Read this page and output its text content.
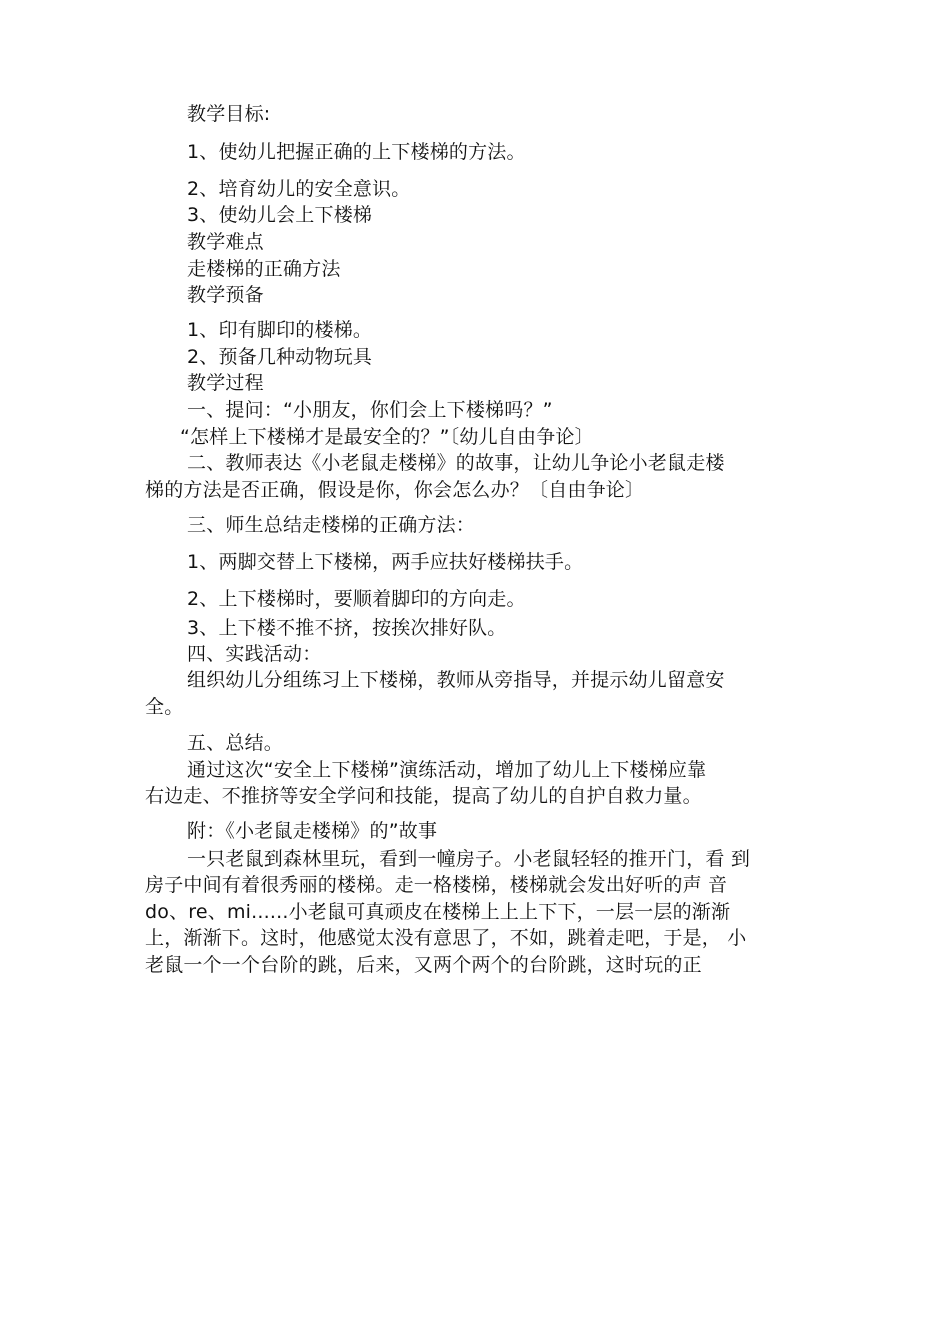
教学目标:
1、使幼儿把握正确的上下楼梯的方法。
2、培育幼儿的安全意识。
3、使幼儿会上下楼梯
教学难点
走楼梯的正确方法
教学预备
1、印有脚印的楼梯。
2、预备几种动物玩具
教学过程
一、提问：“小朋友，你们会上下楼梯吗？”
“怎样上下楼梯才是最安全的？”〔幼儿自由争论〕
二、教师表达《小老鼠走楼梯》的故事，让幼儿争论小老鼠走楼
梯的方法是否正确，假设是你，你会怎么办？〔自由争论〕
三、师生总结走楼梯的正确方法：
1、两脚交替上下楼梯，两手应扶好楼梯扶手。
2、上下楼梯时，要顺着脚印的方向走。
3、上下楼不推不挤，按挨次排好队。
四、实践活动：
组织幼儿分组练习上下楼梯，教师从旁指导，并提示幼儿留意安
全。
五、总结。
通过这次“安全上下楼梯”演练活动，增加了幼儿上下楼梯应靠
右边走、不推挤等安全学问和技能，提高了幼儿的自护自救力量。
附：《小老鼠走楼梯》的”故事
一只老鼠到森林里玩，看到一幢房子。小老鼠轻轻的推开门，看 到
房子中间有着很秀丽的楼梯。走一格楼梯，楼梯就会发出好听的声 音
do、re、mi......小老鼠可真顽皮在楼梯上上上下下，一层一层的渐渐
上，渐渐下。这时，他感觉太没有意思了，不如，跳着走吧，于是， 小
老鼠一个一个台阶的跳，后来，又两个两个的台阶跳，这时玩的正
